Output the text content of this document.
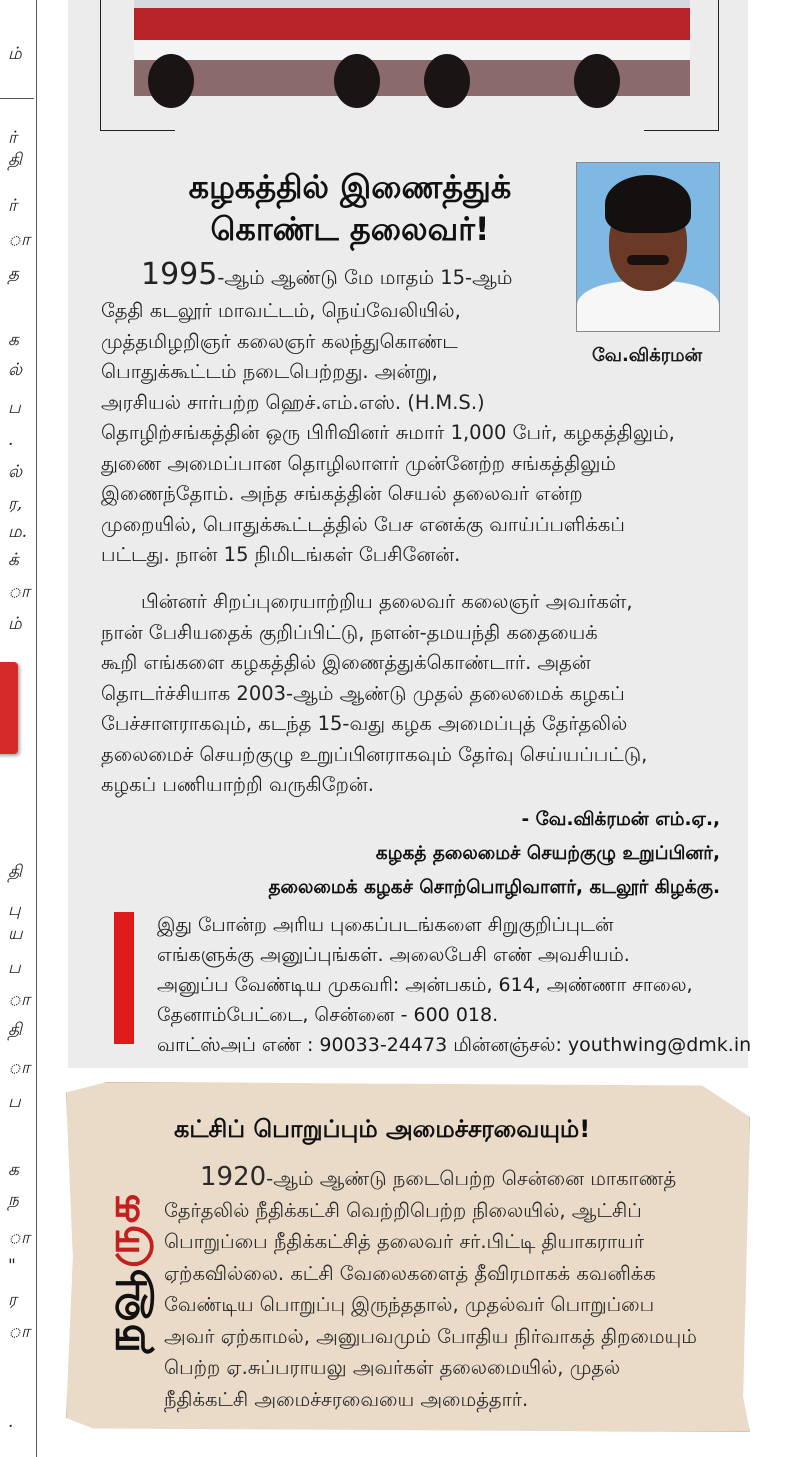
ம்
ர்
தி
ர்
ா
த
க
ல்
ப
.
ல்
ர,
ம.
க்
ா
ம்
தி
பு
ய
ப
ா
தி
ா
ப
க
ந
ா
"
ர
ா
.
கழகத்தில் இணைத்துக்
கொண்ட தலைவர்!
வே.விக்ரமன்
1995-ஆம் ஆண்டு மே மாதம் 15-ஆம்
தேதி கடலூர் மாவட்டம், நெய்வேலியில்,
முத்தமிழறிஞர் கலைஞர் கலந்துகொண்ட
பொதுக்கூட்டம் நடைபெற்றது. அன்று,
அரசியல் சார்பற்ற ஹெச்.எம்.எஸ். (H.M.S.)
தொழிற்சங்கத்தின் ஒரு பிரிவினர் சுமார் 1,000 பேர், கழகத்திலும்,
துணை அமைப்பான தொழிலாளர் முன்னேற்ற சங்கத்திலும்
இணைந்தோம். அந்த சங்கத்தின் செயல் தலைவர் என்ற
முறையில், பொதுக்கூட்டத்தில் பேச எனக்கு வாய்ப்பளிக்கப்
பட்டது. நான் 15 நிமிடங்கள் பேசினேன்.
பின்னர் சிறப்புரையாற்றிய தலைவர் கலைஞர் அவர்கள்,
நான் பேசியதைக் குறிப்பிட்டு, நளன்-தமயந்தி கதையைக்
கூறி எங்களை கழகத்தில் இணைத்துக்கொண்டார். அதன்
தொடர்ச்சியாக 2003-ஆம் ஆண்டு முதல் தலைமைக் கழகப்
பேச்சாளராகவும், கடந்த 15-வது கழக அமைப்புத் தேர்தலில்
தலைமைச் செயற்குழு உறுப்பினராகவும் தேர்வு செய்யப்பட்டு,
கழகப் பணியாற்றி வருகிறேன்.
- வே.விக்ரமன் எம்.ஏ.,
கழகத் தலைமைச் செயற்குழு உறுப்பினர்,
தலைமைக் கழகச் சொற்பொழிவாளர், கடலூர் கிழக்கு.
இது போன்ற அரிய புகைப்படங்களை சிறுகுறிப்புடன்
எங்களுக்கு அனுப்புங்கள். அலைபேசி எண் அவசியம்.
அனுப்ப வேண்டிய முகவரி: அன்பகம், 614, அண்ணா சாலை,
தேனாம்பேட்டை, சென்னை - 600 018.
வாட்ஸ்அப் எண் : 90033-24473 மின்னஞ்சல்: youthwing@dmk.in
நவூருக
கட்சிப் பொறுப்பும் அமைச்சரவையும்!
1920-ஆம் ஆண்டு நடைபெற்ற சென்னை மாகாணத்
தேர்தலில் நீதிக்கட்சி வெற்றிபெற்ற நிலையில், ஆட்சிப்
பொறுப்பை நீதிக்கட்சித் தலைவர் சர்.பிட்டி தியாகராயர்
ஏற்கவில்லை. கட்சி வேலைகளைத் தீவிரமாகக் கவனிக்க
வேண்டிய பொறுப்பு இருந்ததால், முதல்வர் பொறுப்பை
அவர் ஏற்காமல், அனுபவமும் போதிய நிர்வாகத் திறமையும்
பெற்ற ஏ.சுப்பராயலு அவர்கள் தலைமையில், முதல்
நீதிக்கட்சி அமைச்சரவையை அமைத்தார்.
